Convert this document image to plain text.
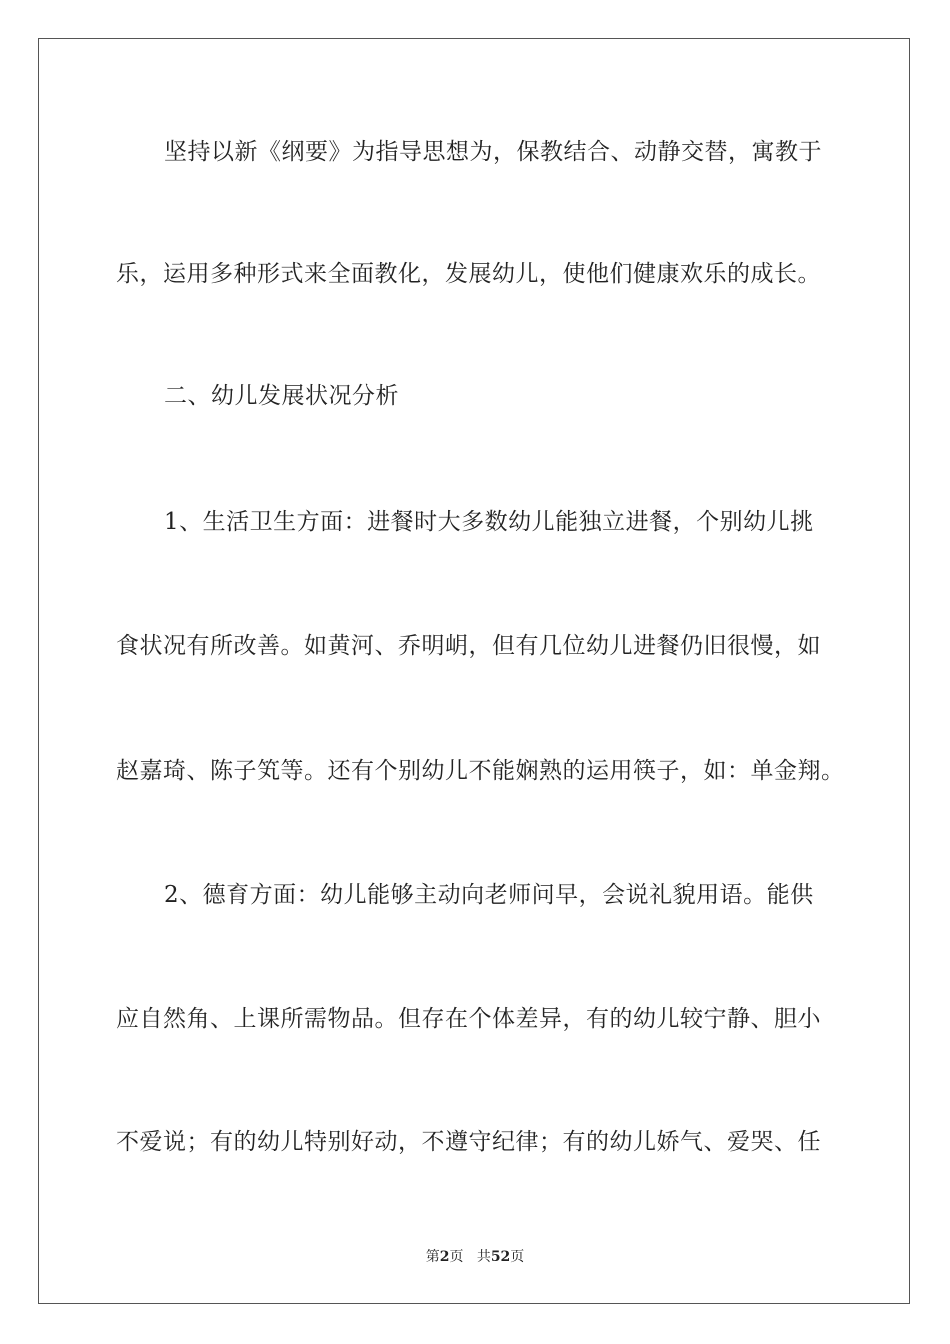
坚持以新《纲要》为指导思想为，保教结合、动静交替，寓教于
乐，运用多种形式来全面教化，发展幼儿，使他们健康欢乐的成长。
二、幼儿发展状况分析
1、生活卫生方面：进餐时大多数幼儿能独立进餐，个别幼儿挑
食状况有所改善。如黄河、乔明岄，但有几位幼儿进餐仍旧很慢，如
赵嘉琦、陈子笂等。还有个别幼儿不能娴熟的运用筷子，如：单金翔。
2、德育方面：幼儿能够主动向老师问早，会说礼貌用语。能供
应自然角、上课所需物品。但存在个体差异，有的幼儿较宁静、胆小
不爱说；有的幼儿特别好动，不遵守纪律；有的幼儿娇气、爱哭、任
第2页 共52页
